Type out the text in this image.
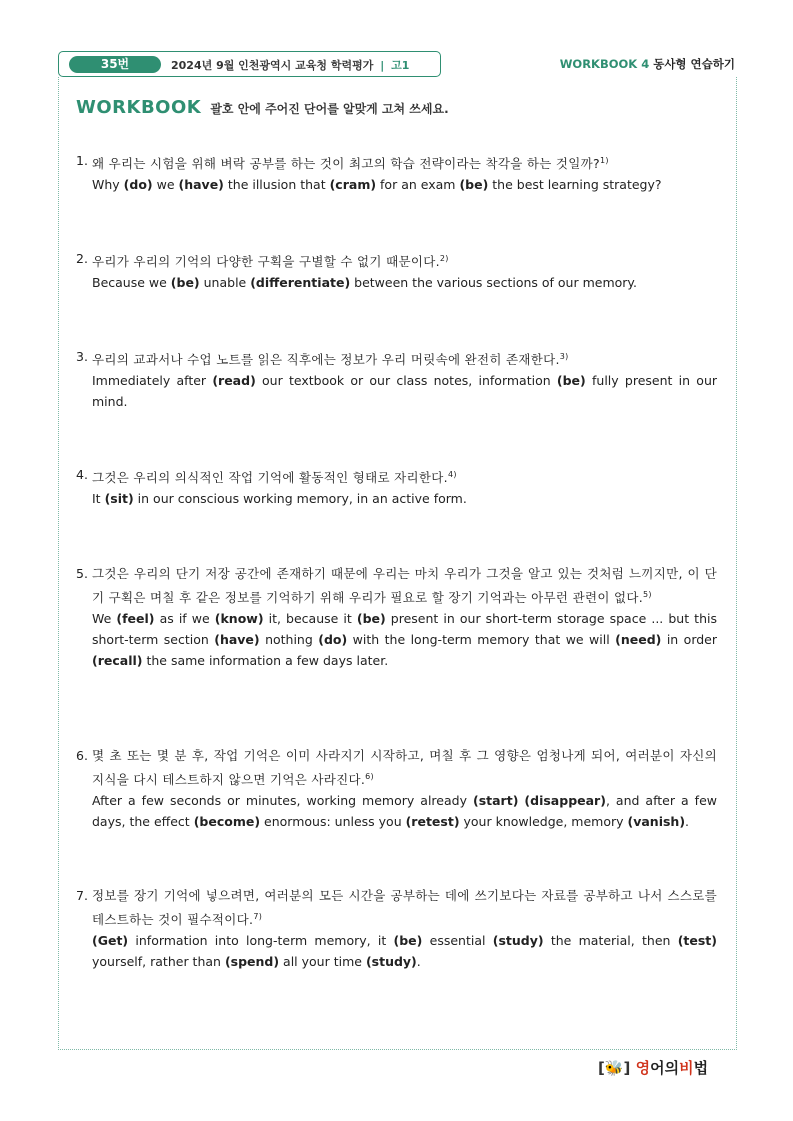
35번	2024년 9월 인천광역시 교육청 학력평가 | 고1	WORKBOOK 4 동사형 연습하기
WORKBOOK 괄호 안에 주어진 단어를 알맞게 고쳐 쓰세요.
1. 왜 우리는 시험을 위해 벼락 공부를 하는 것이 최고의 학습 전략이라는 착각을 하는 것일까?$^{1)}$
Why (do) we (have) the illusion that (cram) for an exam (be) the best learning strategy?
2. 우리가 우리의 기억의 다양한 구획을 구별할 수 없기 때문이다.$^{2)}$
Because we (be) unable (differentiate) between the various sections of our memory.
3. 우리의 교과서나 수업 노트를 읽은 직후에는 정보가 우리 머릿속에 완전히 존재한다.$^{3)}$
Immediately after (read) our textbook or our class notes, information (be) fully present in our mind.
4. 그것은 우리의 의식적인 작업 기억에 활동적인 형태로 자리한다.$^{4)}$
It (sit) in our conscious working memory, in an active form.
5. 그것은 우리의 단기 저장 공간에 존재하기 때문에 우리는 마치 우리가 그것을 알고 있는 것처럼 느끼지만, 이 단기 구획은 며칠 후 같은 정보를 기억하기 위해 우리가 필요로 할 장기 기억과는 아무런 관련이 없다.$^{5)}$
We (feel) as if we (know) it, because it (be) present in our short-term storage space ... but this short-term section (have) nothing (do) with the long-term memory that we will (need) in order (recall) the same information a few days later.
6. 몇 초 또는 몇 분 후, 작업 기억은 이미 사라지기 시작하고, 며칠 후 그 영향은 엄청나게 되어, 여러분이 자신의 지식을 다시 테스트하지 않으면 기억은 사라진다.$^{6)}$
After a few seconds or minutes, working memory already (start) (disappear), and after a few days, the effect (become) enormous: unless you (retest) your knowledge, memory (vanish).
7. 정보를 장기 기억에 넣으려면, 여러분의 모든 시간을 공부하는 데에 쓰기보다는 자료를 공부하고 나서 스스로를 테스트하는 것이 필수적이다.$^{7)}$
(Get) information into long-term memory, it (be) essential (study) the material, then (test) yourself, rather than (spend) all your time (study).
[🐝] 영어의비법
